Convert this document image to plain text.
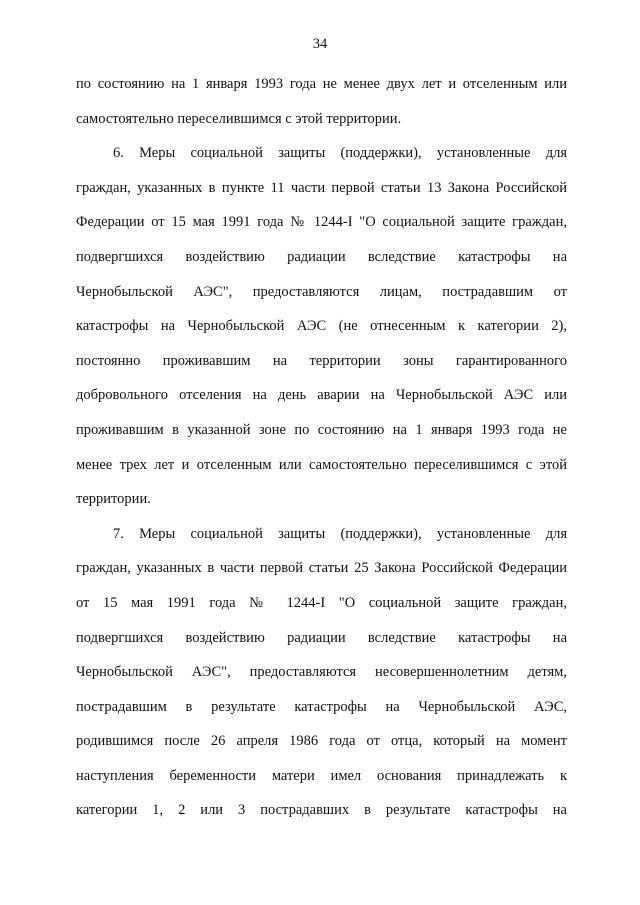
34
по состоянию на 1 января 1993 года не менее двух лет и отселенным или
самостоятельно переселившимся с этой территории.
6. Меры социальной защиты (поддержки), установленные для
граждан, указанных в пункте 11 части первой статьи 13 Закона Российской
Федерации от 15 мая 1991 года № 1244-I "О социальной защите граждан,
подвергшихся воздействию радиации вследствие катастрофы на
Чернобыльской АЭС", предоставляются лицам, пострадавшим от
катастрофы на Чернобыльской АЭС (не отнесенным к категории 2),
постоянно проживавшим на территории зоны гарантированного
добровольного отселения на день аварии на Чернобыльской АЭС или
проживавшим в указанной зоне по состоянию на 1 января 1993 года не
менее трех лет и отселенным или самостоятельно переселившимся с этой
территории.
7. Меры социальной защиты (поддержки), установленные для
граждан, указанных в части первой статьи 25 Закона Российской Федерации
от 15 мая 1991 года № 1244-I "О социальной защите граждан,
подвергшихся воздействию радиации вследствие катастрофы на
Чернобыльской АЭС", предоставляются несовершеннолетним детям,
пострадавшим в результате катастрофы на Чернобыльской АЭС,
родившимся после 26 апреля 1986 года от отца, который на момент
наступления беременности матери имел основания принадлежать к
категории 1, 2 или 3 пострадавших в результате катастрофы на
